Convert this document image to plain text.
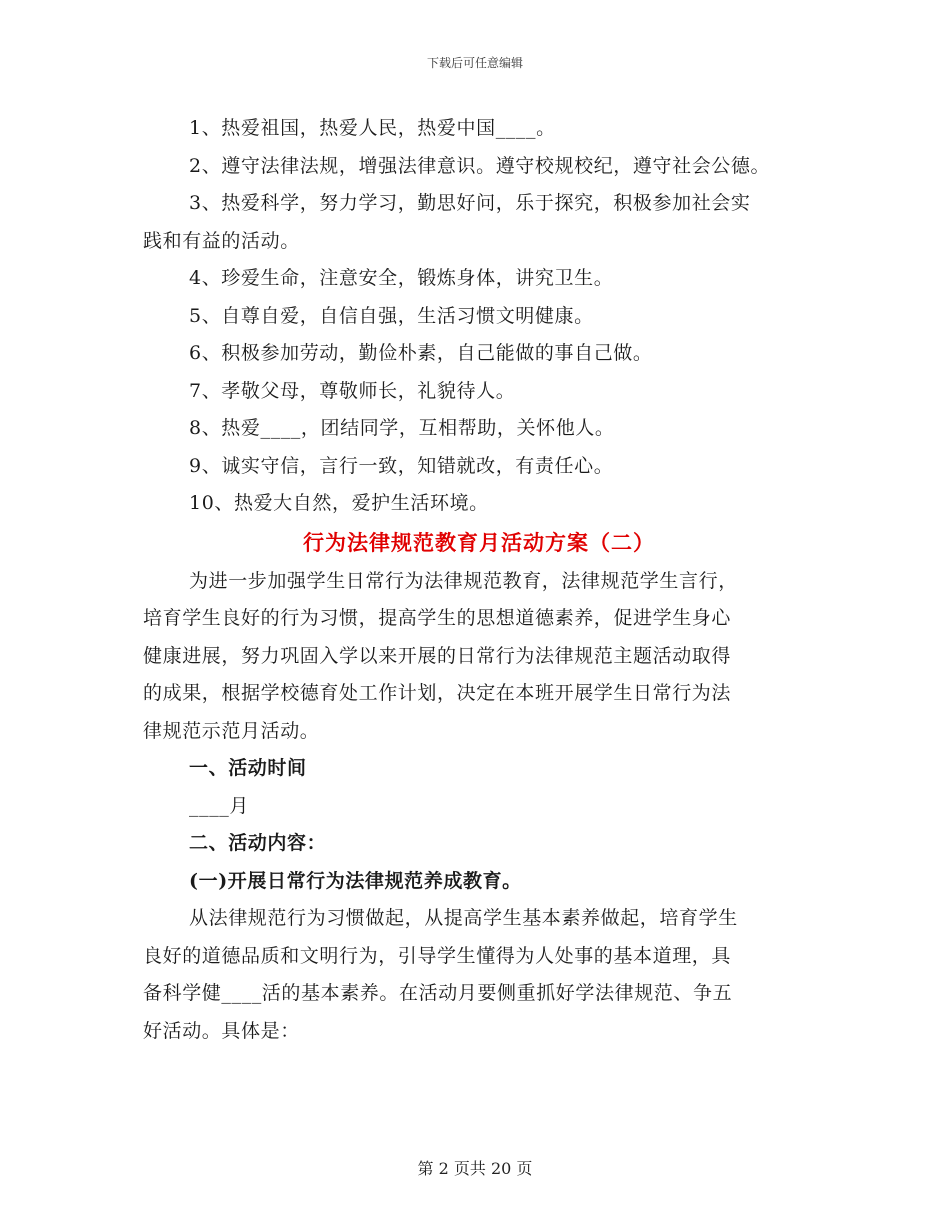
下载后可任意编辑
1、热爱祖国，热爱人民，热爱中国____。
2、遵守法律法规，增强法律意识。遵守校规校纪，遵守社会公德。
3、热爱科学，努力学习，勤思好问，乐于探究，积极参加社会实
践和有益的活动。
4、珍爱生命，注意安全，锻炼身体，讲究卫生。
5、自尊自爱，自信自强，生活习惯文明健康。
6、积极参加劳动，勤俭朴素，自己能做的事自己做。
7、孝敬父母，尊敬师长，礼貌待人。
8、热爱____，团结同学，互相帮助，关怀他人。
9、诚实守信，言行一致，知错就改，有责任心。
10、热爱大自然，爱护生活环境。
行为法律规范教育月活动方案（二）
为进一步加强学生日常行为法律规范教育，法律规范学生言行，
培育学生良好的行为习惯，提高学生的思想道德素养，促进学生身心
健康进展，努力巩固入学以来开展的日常行为法律规范主题活动取得
的成果，根据学校德育处工作计划，决定在本班开展学生日常行为法
律规范示范月活动。
一、活动时间
____月
二、活动内容：
(一)开展日常行为法律规范养成教育。
从法律规范行为习惯做起，从提高学生基本素养做起，培育学生
良好的道德品质和文明行为，引导学生懂得为人处事的基本道理，具
备科学健____活的基本素养。在活动月要侧重抓好学法律规范、争五
好活动。具体是：
第 2 页共 20 页
